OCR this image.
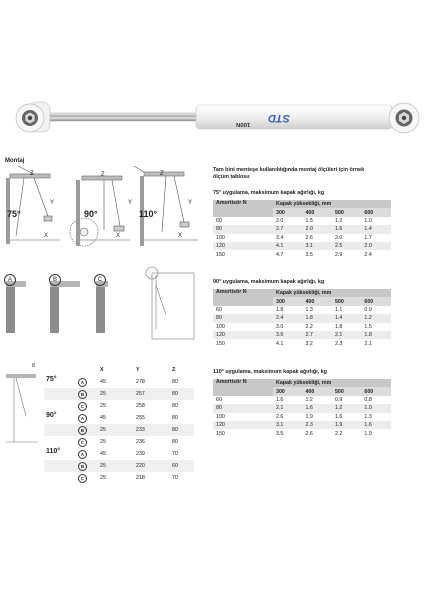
STD
100N
Montaj
75°	90°	110°
Z
Y
X
Z
Y
X
Z
Y
X
A	B	C
8
		X	Y	Z
75°	A	45	278	80
	B	25	257	80
	C	25	258	80
90°	A	45	255	80
	B	25	233	80
	C	25	236	80
110°	A	45	239	70
	B	25	220	60
	C	25	218	70
Tam bini menteşe kullanıldığında montaj ölçüleri için örnek
ölçüm tablosu
75° uygulama, maksimum kapak ağırlığı, kg
Amortisör N	Kapak yüksekliği, mm			
	300	400	500	600
60	2.0	1.5	1.2	1.0
80	2.7	2.0	1.6	1.4
100	3.4	2.6	2.0	1.7
120	4.1	3.1	2.5	2.0
150	4.7	3.5	2.9	2.4
90° uygulama, maksimum kapak ağırlığı, kg
Amortisör N	Kapak yüksekliği, mm			
	300	400	500	600
60	1.8	1.3	1.1	0.9
80	2.4	1.8	1.4	1.2
100	3.0	2.2	1.8	1.5
120	3.6	2.7	2.1	1.8
150	4.1	3.2	2.3	2.1
110° uygulama, maksimum kapak ağırlığı, kg
Amortisör N	Kapak yüksekliği, mm			
	300	400	500	600
60	1.6	1.2	0.9	0.8
80	2.1	1.6	1.2	1.0
100	2.6	1.9	1.6	1.3
120	3.1	2.3	1.9	1.6
150	3.5	2.6	2.2	1.9
